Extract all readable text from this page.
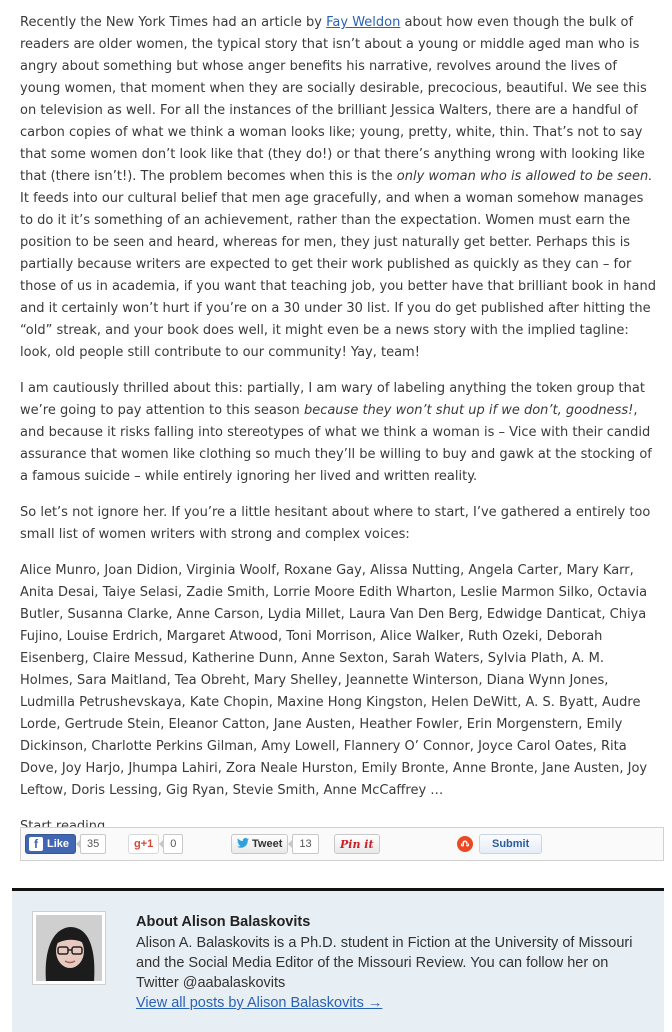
Recently the New York Times had an article by Fay Weldon about how even though the bulk of readers are older women, the typical story that isn’t about a young or middle aged man who is angry about something but whose anger benefits his narrative, revolves around the lives of young women, that moment when they are socially desirable, precocious, beautiful. We see this on television as well. For all the instances of the brilliant Jessica Walters, there are a handful of carbon copies of what we think a woman looks like; young, pretty, white, thin. That’s not to say that some women don’t look like that (they do!) or that there’s anything wrong with looking like that (there isn’t!). The problem becomes when this is the only woman who is allowed to be seen. It feeds into our cultural belief that men age gracefully, and when a woman somehow manages to do it it’s something of an achievement, rather than the expectation. Women must earn the position to be seen and heard, whereas for men, they just naturally get better. Perhaps this is partially because writers are expected to get their work published as quickly as they can – for those of us in academia, if you want that teaching job, you better have that brilliant book in hand and it certainly won’t hurt if you’re on a 30 under 30 list. If you do get published after hitting the “old” streak, and your book does well, it might even be a news story with the implied tagline: look, old people still contribute to our community! Yay, team!

I am cautiously thrilled about this: partially, I am wary of labeling anything the token group that we’re going to pay attention to this season because they won’t shut up if we don’t, goodness!, and because it risks falling into stereotypes of what we think a woman is – Vice with their candid assurance that women like clothing so much they’ll be willing to buy and gawk at the stocking of a famous suicide – while entirely ignoring her lived and written reality.

So let’s not ignore her. If you’re a little hesitant about where to start, I’ve gathered a entirely too small list of women writers with strong and complex voices:

Alice Munro, Joan Didion, Virginia Woolf, Roxane Gay, Alissa Nutting, Angela Carter, Mary Karr, Anita Desai, Taiye Selasi, Zadie Smith, Lorrie Moore Edith Wharton, Leslie Marmon Silko, Octavia Butler, Susanna Clarke, Anne Carson, Lydia Millet, Laura Van Den Berg, Edwidge Danticat, Chiya Fujino, Louise Erdrich, Margaret Atwood, Toni Morrison, Alice Walker, Ruth Ozeki, Deborah Eisenberg, Claire Messud, Katherine Dunn, Anne Sexton, Sarah Waters, Sylvia Plath, A. M. Holmes, Sara Maitland, Tea Obreht, Mary Shelley, Jeannette Winterson, Diana Wynn Jones, Ludmilla Petrushevskaya, Kate Chopin, Maxine Hong Kingston, Helen DeWitt, A. S. Byatt, Audre Lorde, Gertrude Stein, Eleanor Catton, Jane Austen, Heather Fowler, Erin Morgenstern, Emily Dickinson, Charlotte Perkins Gilman, Amy Lowell, Flannery O’ Connor, Joyce Carol Oates, Rita Dove, Joy Harjo, Jhumpa Lahiri, Zora Neale Hurston, Emily Bronte, Anne Bronte, Jane Austen, Joy Leftow, Doris Lessing, Gig Ryan, Stevie Smith, Anne McCaffrey …

f Like	35	g+1	0	Tweet	13	Pin it	Submit
About Alison Balaskovits
Alison A. Balaskovits is a Ph.D. student in Fiction at the University of Missouri and the Social Media Editor of the Missouri Review. You can follow her on Twitter @aabalaskovits
View all posts by Alison Balaskovits →
